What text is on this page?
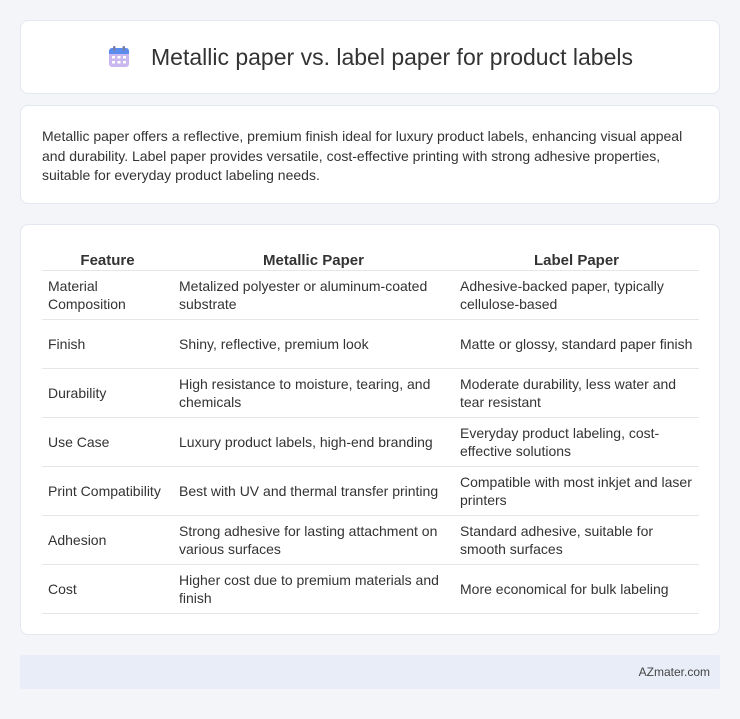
Metallic paper vs. label paper for product labels

Metallic paper offers a reflective, premium finish ideal for luxury product labels, enhancing visual appeal and durability. Label paper provides versatile, cost-effective printing with strong adhesive properties, suitable for everyday product labeling needs.

Feature	Metallic Paper	Label Paper
Material Composition	Metalized polyester or aluminum-coated substrate	Adhesive-backed paper, typically cellulose-based
Finish	Shiny, reflective, premium look	Matte or glossy, standard paper finish
Durability	High resistance to moisture, tearing, and chemicals	Moderate durability, less water and tear resistant
Use Case	Luxury product labels, high-end branding	Everyday product labeling, cost-effective solutions
Print Compatibility	Best with UV and thermal transfer printing	Compatible with most inkjet and laser printers
Adhesion	Strong adhesive for lasting attachment on various surfaces	Standard adhesive, suitable for smooth surfaces
Cost	Higher cost due to premium materials and finish	More economical for bulk labeling
AZmater.com
